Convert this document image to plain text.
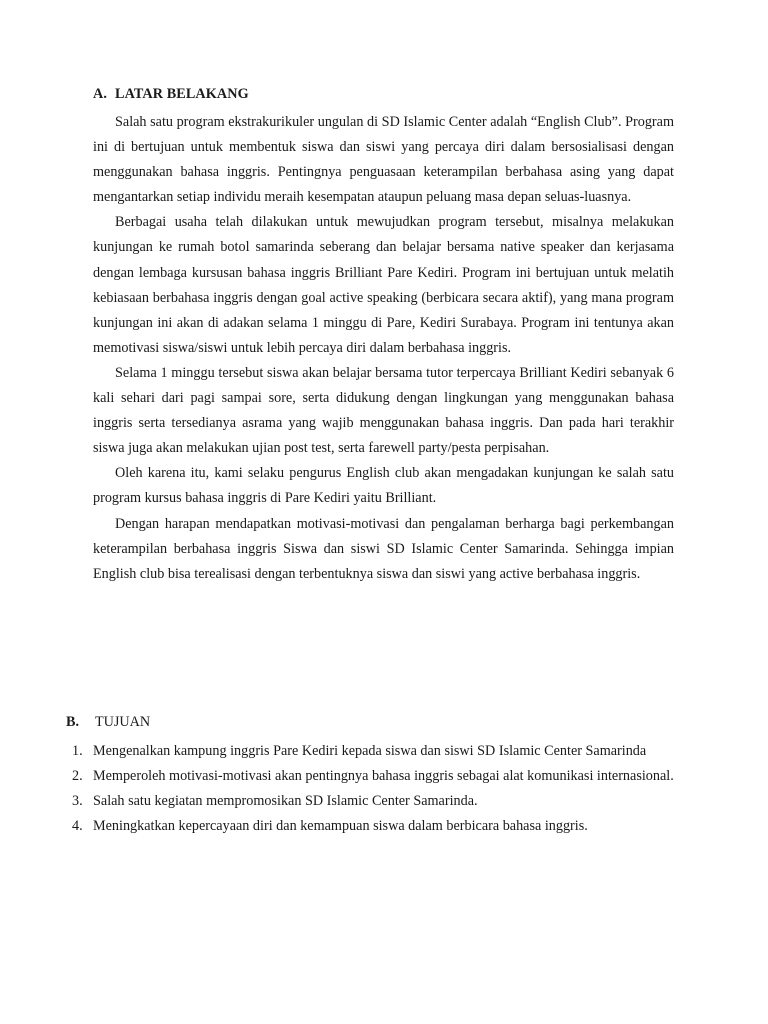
A. LATAR BELAKANG

Salah satu program ekstrakurikuler ungulan di SD Islamic Center adalah “English Club”. Program ini di bertujuan untuk membentuk siswa dan siswi yang percaya diri dalam bersosialisasi dengan menggunakan bahasa inggris. Pentingnya penguasaan keterampilan berbahasa asing yang dapat mengantarkan setiap individu meraih kesempatan ataupun peluang masa depan seluas-luasnya.

Berbagai usaha telah dilakukan untuk mewujudkan program tersebut, misalnya melakukan kunjungan ke rumah botol samarinda seberang dan belajar bersama native speaker dan kerjasama dengan lembaga kursusan bahasa inggris Brilliant Pare Kediri. Program ini bertujuan untuk melatih kebiasaan berbahasa inggris dengan goal active speaking (berbicara secara aktif), yang mana program kunjungan ini akan di adakan selama 1 minggu di Pare, Kediri Surabaya. Program ini tentunya akan memotivasi siswa/siswi untuk lebih percaya diri dalam berbahasa inggris.

Selama 1 minggu tersebut siswa akan belajar bersama tutor terpercaya Brilliant Kediri sebanyak 6 kali sehari dari pagi sampai sore, serta didukung dengan lingkungan yang menggunakan bahasa inggris serta tersedianya asrama yang wajib menggunakan bahasa inggris. Dan pada hari terakhir siswa juga akan melakukan ujian post test, serta farewell party/pesta perpisahan.

Oleh karena itu, kami selaku pengurus English club akan mengadakan kunjungan ke salah satu program kursus bahasa inggris di Pare Kediri yaitu Brilliant.

Dengan harapan mendapatkan motivasi-motivasi dan pengalaman berharga bagi perkembangan keterampilan berbahasa inggris Siswa dan siswi SD Islamic Center Samarinda. Sehingga impian English club bisa terealisasi dengan terbentuknya siswa dan siswi yang active berbahasa inggris.

B. TUJUAN
1. Mengenalkan kampung inggris Pare Kediri kepada siswa dan siswi SD Islamic Center Samarinda
2. Memperoleh motivasi-motivasi akan pentingnya bahasa inggris sebagai alat komunikasi internasional.
3. Salah satu kegiatan mempromosikan SD Islamic Center Samarinda.
4. Meningkatkan kepercayaan diri dan kemampuan siswa dalam berbicara bahasa inggris.
